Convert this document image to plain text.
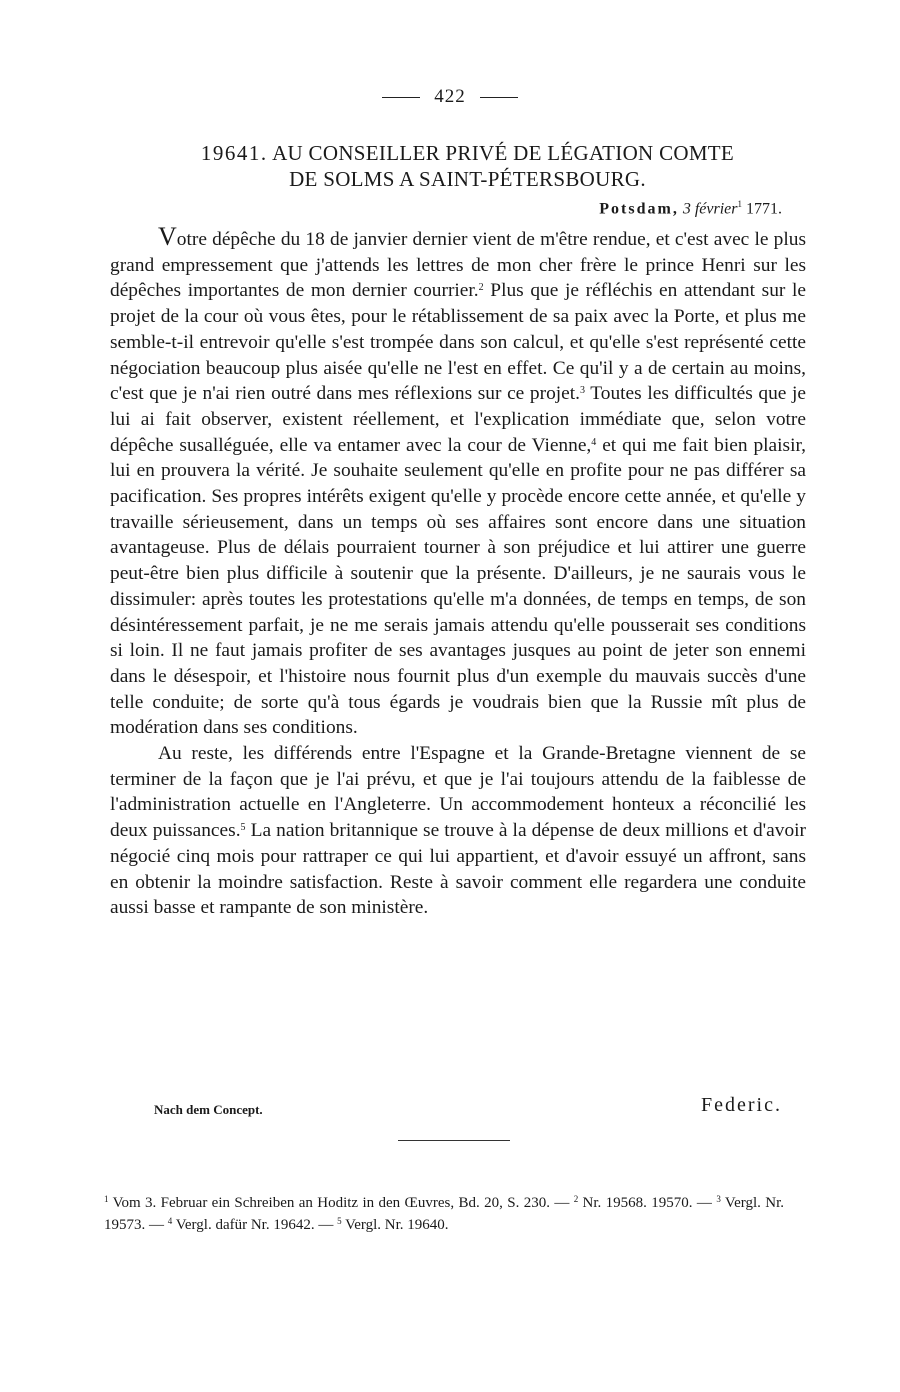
422
19641. AU CONSEILLER PRIVÉ DE LÉGATION COMTE
DE SOLMS A SAINT-PÉTERSBOURG.
Potsdam, 3 février$^1$ 1771.

Votre dépêche du 18 de janvier dernier vient de m'être rendue, et c'est avec le plus grand empressement que j'attends les lettres de mon cher frère le prince Henri sur les dépêches importantes de mon dernier courrier.$^2$ Plus que je réfléchis en attendant sur le projet de la cour où vous êtes, pour le rétablissement de sa paix avec la Porte, et plus me semble-t-il entrevoir qu'elle s'est trompée dans son calcul, et qu'elle s'est représenté cette négociation beaucoup plus aisée qu'elle ne l'est en effet. Ce qu'il y a de certain au moins, c'est que je n'ai rien outré dans mes réflexions sur ce projet.$^3$ Toutes les difficultés que je lui ai fait observer, existent réellement, et l'explication immédiate que, selon votre dépêche susalléguée, elle va entamer avec la cour de Vienne,$^4$ et qui me fait bien plaisir, lui en prouvera la vérité. Je souhaite seulement qu'elle en profite pour ne pas différer sa pacification. Ses propres intérêts exigent qu'elle y procède encore cette année, et qu'elle y travaille sérieusement, dans un temps où ses affaires sont encore dans une situation avantageuse. Plus de délais pourraient tourner à son préjudice et lui attirer une guerre peut-être bien plus difficile à soutenir que la présente. D'ailleurs, je ne saurais vous le dissimuler: après toutes les protestations qu'elle m'a données, de temps en temps, de son désintéressement parfait, je ne me serais jamais attendu qu'elle pousserait ses conditions si loin. Il ne faut jamais profiter de ses avantages jusques au point de jeter son ennemi dans le désespoir, et l'histoire nous fournit plus d'un exemple du mauvais succès d'une telle conduite; de sorte qu'à tous égards je voudrais bien que la Russie mît plus de modération dans ses conditions.

Au reste, les différends entre l'Espagne et la Grande-Bretagne viennent de se terminer de la façon que je l'ai prévu, et que je l'ai toujours attendu de la faiblesse de l'administration actuelle en l'Angleterre. Un accommodement honteux a réconcilié les deux puissances.$^5$ La nation britannique se trouve à la dépense de deux millions et d'avoir négocié cinq mois pour rattraper ce qui lui appartient, et d'avoir essuyé un affront, sans en obtenir la moindre satisfaction. Reste à savoir comment elle regardera une conduite aussi basse et rampante de son ministère.

Nach dem Concept.	Federic.
$^1$ Vom 3. Februar ein Schreiben an Hoditz in den Œuvres, Bd. 20, S. 230. — $^2$ Nr. 19568. 19570. — $^3$ Vergl. Nr. 19573. — $^4$ Vergl. dafür Nr. 19642. — $^5$ Vergl. Nr. 19640.
